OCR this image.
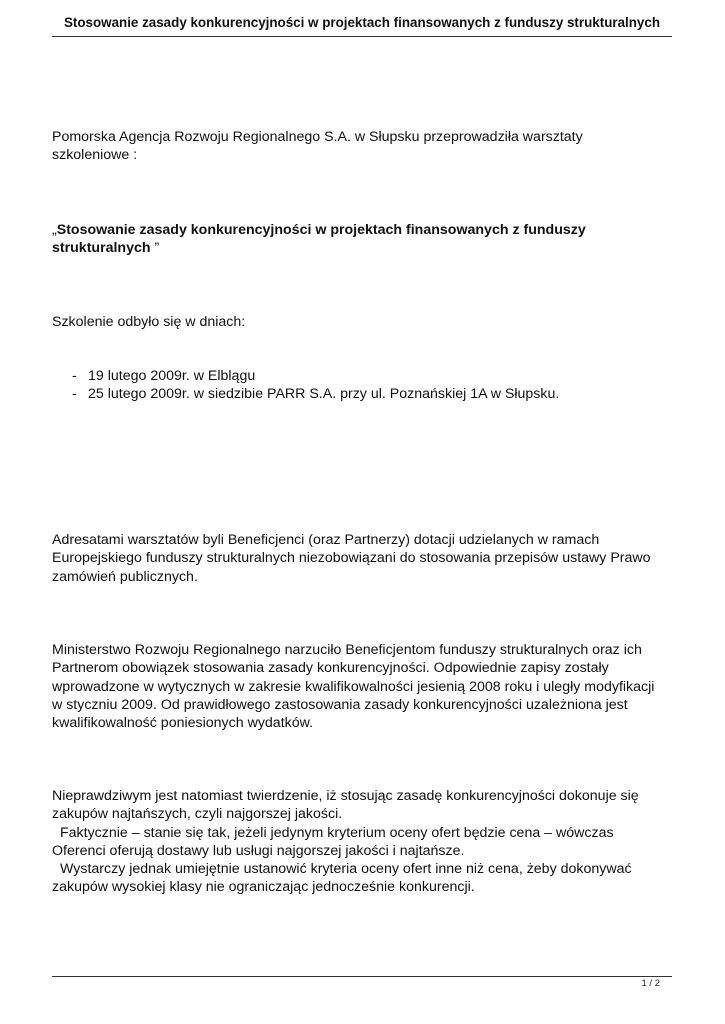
Stosowanie zasady konkurencyjności w projektach finansowanych z funduszy strukturalnych

Pomorska Agencja Rozwoju Regionalnego S.A. w Słupsku przeprowadziła warsztaty
szkoleniowe :

„Stosowanie zasady konkurencyjności w projektach finansowanych z funduszy
strukturalnych ”

Szkolenie odbyło się w dniach:

- 19 lutego 2009r. w Elblągu
- 25 lutego 2009r. w siedzibie PARR S.A. przy ul. Poznańskiej 1A w Słupsku.

Adresatami warsztatów byli Beneficjenci (oraz Partnerzy) dotacji udzielanych w ramach
Europejskiego funduszy strukturalnych niezobowiązani do stosowania przepisów ustawy Prawo
zamówień publicznych.

Ministerstwo Rozwoju Regionalnego narzuciło Beneficjentom funduszy strukturalnych oraz ich
Partnerom obowiązek stosowania zasady konkurencyjności. Odpowiednie zapisy zostały
wprowadzone w wytycznych w zakresie kwalifikowalności jesienią 2008 roku i uległy modyfikacji
w styczniu 2009. Od prawidłowego zastosowania zasady konkurencyjności uzależniona jest
kwalifikowalność poniesionych wydatków.

Nieprawdziwym jest natomiast twierdzenie, iż stosując zasadę konkurencyjności dokonuje się
zakupów najtańszych, czyli najgorszej jakości.
Faktycznie – stanie się tak, jeżeli jedynym kryterium oceny ofert będzie cena – wówczas
Oferenci oferują dostawy lub usługi najgorszej jakości i najtańsze.
Wystarczy jednak umiejętnie ustanowić kryteria oceny ofert inne niż cena, żeby dokonywać
zakupów wysokiej klasy nie ograniczając jednocześnie konkurencji.

1 / 2
